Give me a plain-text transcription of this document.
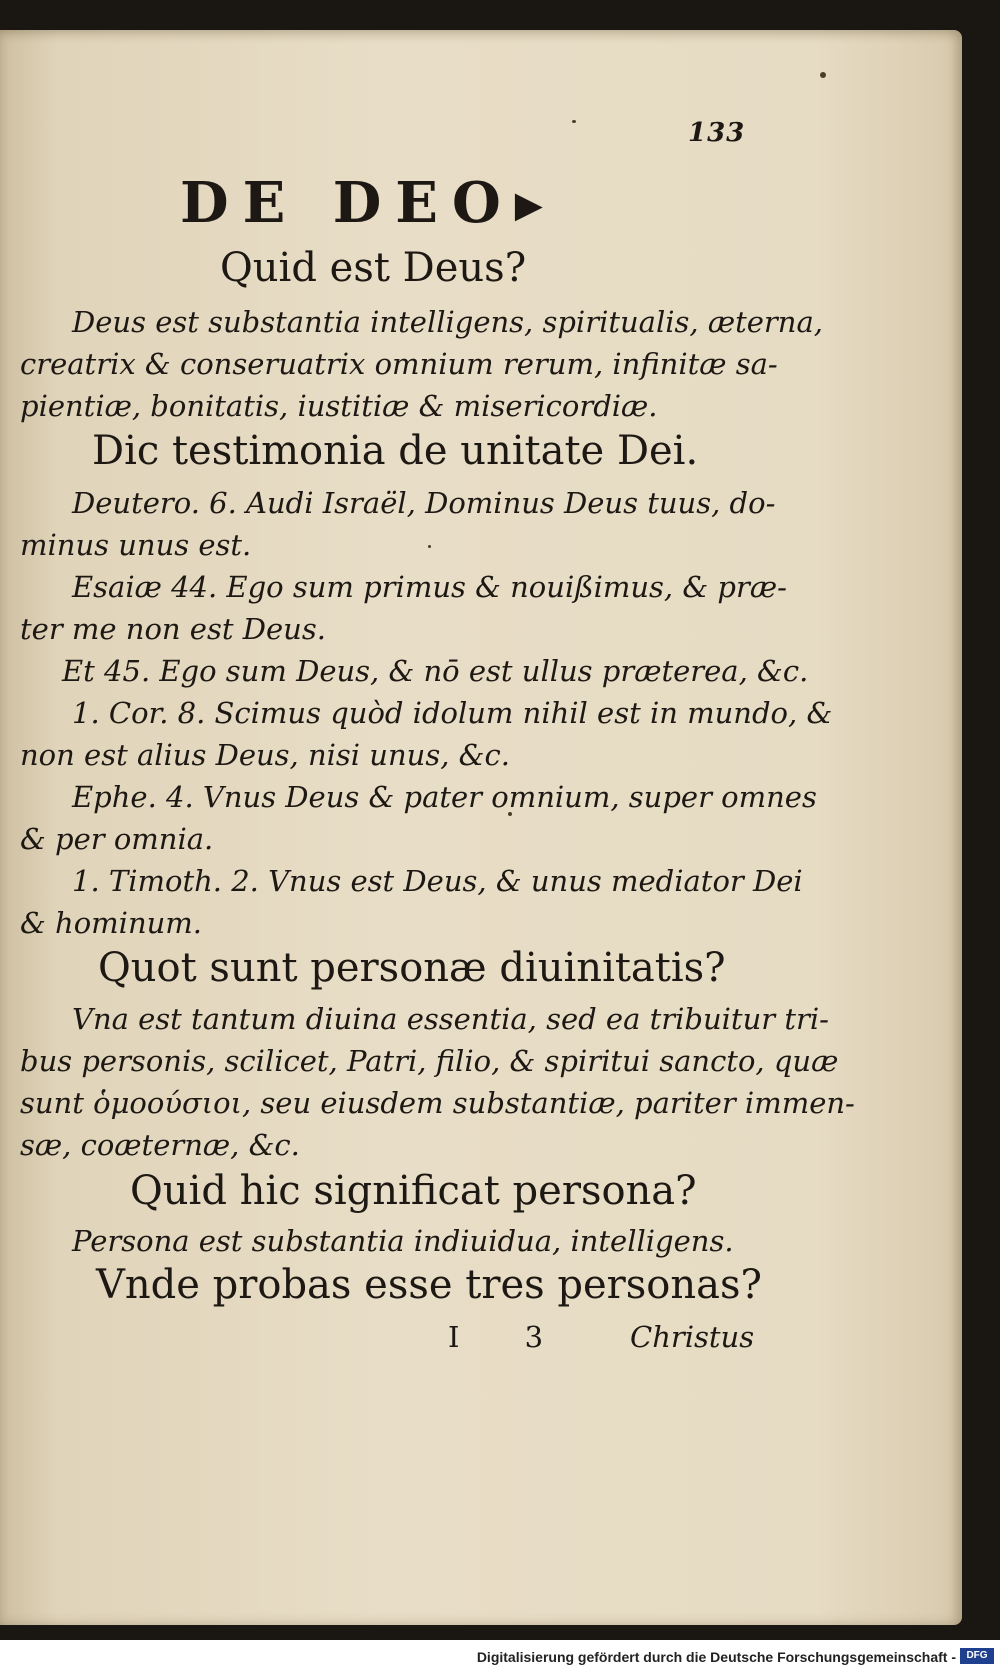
133
DE DEO▸
Quid est Deus?
Deus est substantia intelligens, spiritualis, æterna,
creatrix & conseruatrix omnium rerum, infinitæ sa-
pientiæ, bonitatis, iustitiæ & misericordiæ.
Dic testimonia de unitate Dei.
Deutero. 6. Audi Israël, Dominus Deus tuus, do-
minus unus est.
Esaiæ 44. Ego sum primus & nouißimus, & præ-
ter me non est Deus.
Et 45. Ego sum Deus, & nō est ullus præterea, &c.
1. Cor. 8. Scimus quòd idolum nihil est in mundo, &
non est alius Deus, nisi unus, &c.
Ephe. 4. Vnus Deus & pater omnium, super omnes
& per omnia.
1. Timoth. 2. Vnus est Deus, & unus mediator Dei
& hominum.
Quot sunt personæ diuinitatis?
Vna est tantum diuina essentia, sed ea tribuitur tri-
bus personis, scilicet, Patri, filio, & spiritui sancto, quæ
sunt ὁμοούσιοι, seu eiusdem substantiæ, pariter immen-
sæ, coæternæ, &c.
Quid hic significat persona?
Persona est substantia indiuidua, intelligens.
Vnde probas esse tres personas?
I 3 Christus
Digitalisierung gefördert durch die Deutsche Forschungsgemeinschaft -	DFG
